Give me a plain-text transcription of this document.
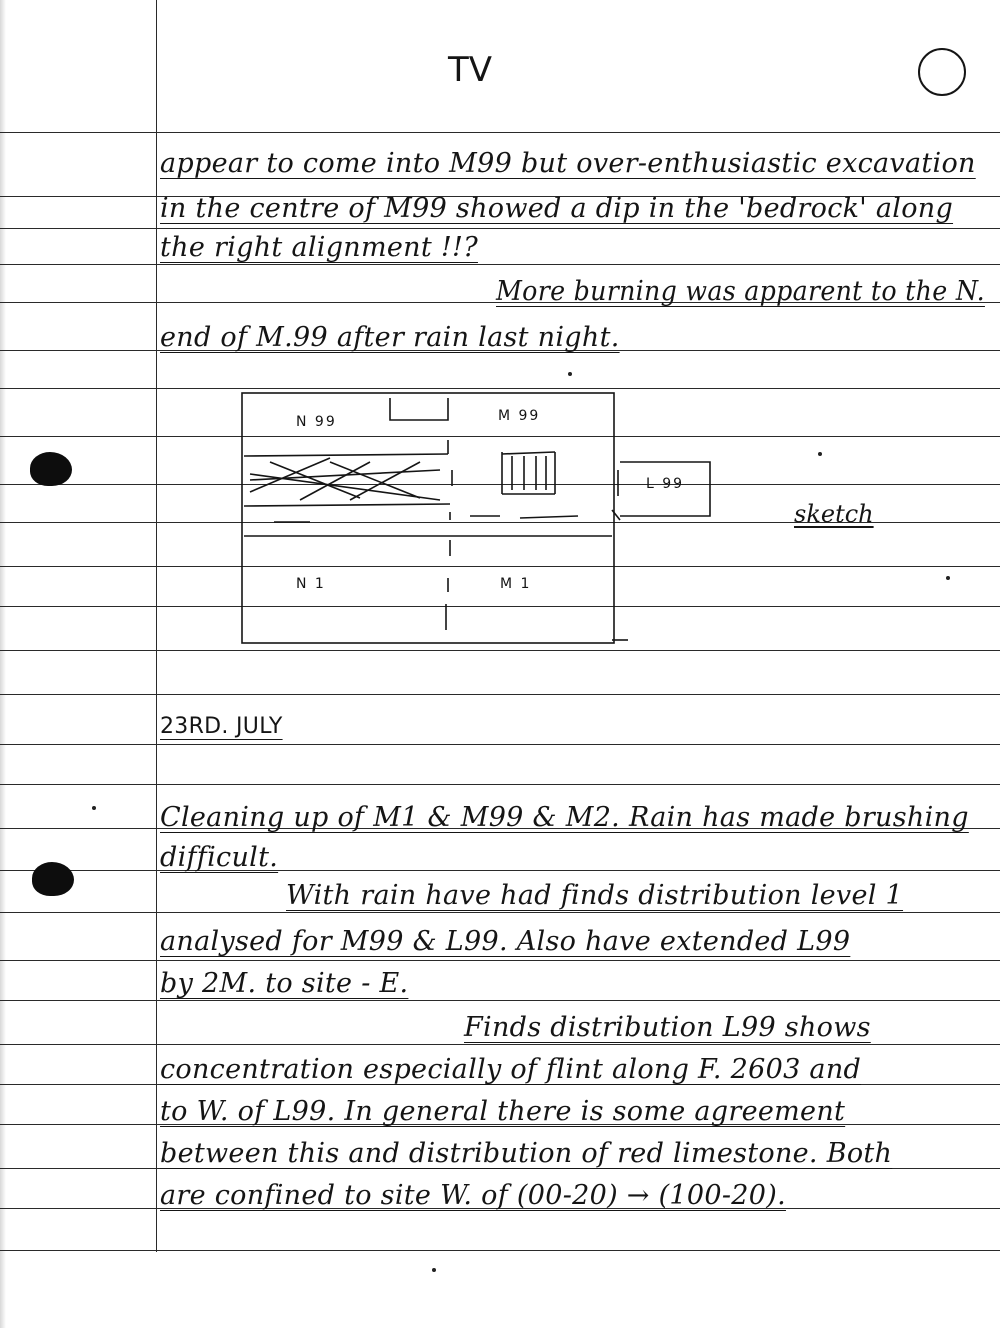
TV
appear to come into M99 but over-enthusiastic excavation
in the centre of M99 showed a dip in the 'bedrock' along
the right alignment !!?
More burning was apparent to the N.
end of M.99 after rain last night.
N 99	M 99
L 99
N 1	M 1
sketch
23RD. JULY
Cleaning up of M1 & M99 & M2. Rain has made brushing
difficult.
With rain have had finds distribution level 1
analysed for M99 & L99. Also have extended L99
by 2M. to site - E.
Finds distribution L99 shows
concentration especially of flint along F. 2603 and
to W. of L99. In general there is some agreement
between this and distribution of red limestone. Both
are confined to site W. of (00-20) → (100-20).
